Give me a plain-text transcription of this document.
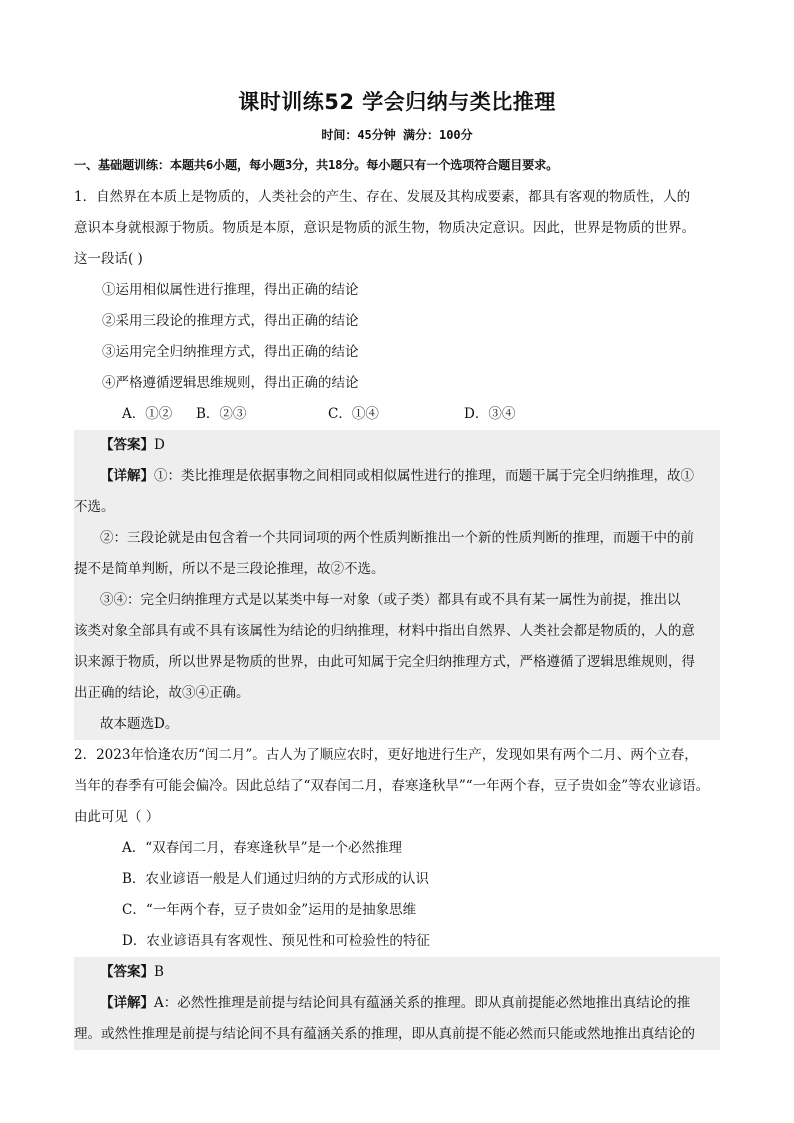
课时训练52 学会归纳与类比推理
时间：45分钟 满分：100分
一、基础题训练：本题共6小题，每小题3分，共18分。每小题只有一个选项符合题目要求。
1．自然界在本质上是物质的，人类社会的产生、存在、发展及其构成要素，都具有客观的物质性，人的
意识本身就根源于物质。物质是本原，意识是物质的派生物，物质决定意识。因此，世界是物质的世界。
这一段话( )
①运用相似属性进行推理，得出正确的结论
②采用三段论的推理方式，得出正确的结论
③运用完全归纳推理方式，得出正确的结论
④严格遵循逻辑思维规则，得出正确的结论
A．①② B．②③	C．①④	D．③④
【答案】D
【详解】①：类比推理是依据事物之间相同或相似属性进行的推理，而题干属于完全归纳推理，故①
不选。
②：三段论就是由包含着一个共同词项的两个性质判断推出一个新的性质判断的推理，而题干中的前
提不是简单判断，所以不是三段论推理，故②不选。
③④：完全归纳推理方式是以某类中每一对象（或子类）都具有或不具有某一属性为前提，推出以
该类对象全部具有或不具有该属性为结论的归纳推理，材料中指出自然界、人类社会都是物质的，人的意
识来源于物质，所以世界是物质的世界，由此可知属于完全归纳推理方式，严格遵循了逻辑思维规则，得
出正确的结论，故③④正确。
故本题选D。
2．2023年恰逢农历“闰二月”。古人为了顺应农时，更好地进行生产，发现如果有两个二月、两个立春，
当年的春季有可能会偏冷。因此总结了“双春闰二月，春寒逢秋旱”“一年两个春，豆子贵如金”等农业谚语。
由此可见（ ）
A．“双春闰二月，春寒逢秋旱”是一个必然推理
B．农业谚语一般是人们通过归纳的方式形成的认识
C．“一年两个春，豆子贵如金”运用的是抽象思维
D．农业谚语具有客观性、预见性和可检验性的特征
【答案】B
【详解】A：必然性推理是前提与结论间具有蕴涵关系的推理。即从真前提能必然地推出真结论的推
理。或然性推理是前提与结论间不具有蕴涵关系的推理，即从真前提不能必然而只能或然地推出真结论的
